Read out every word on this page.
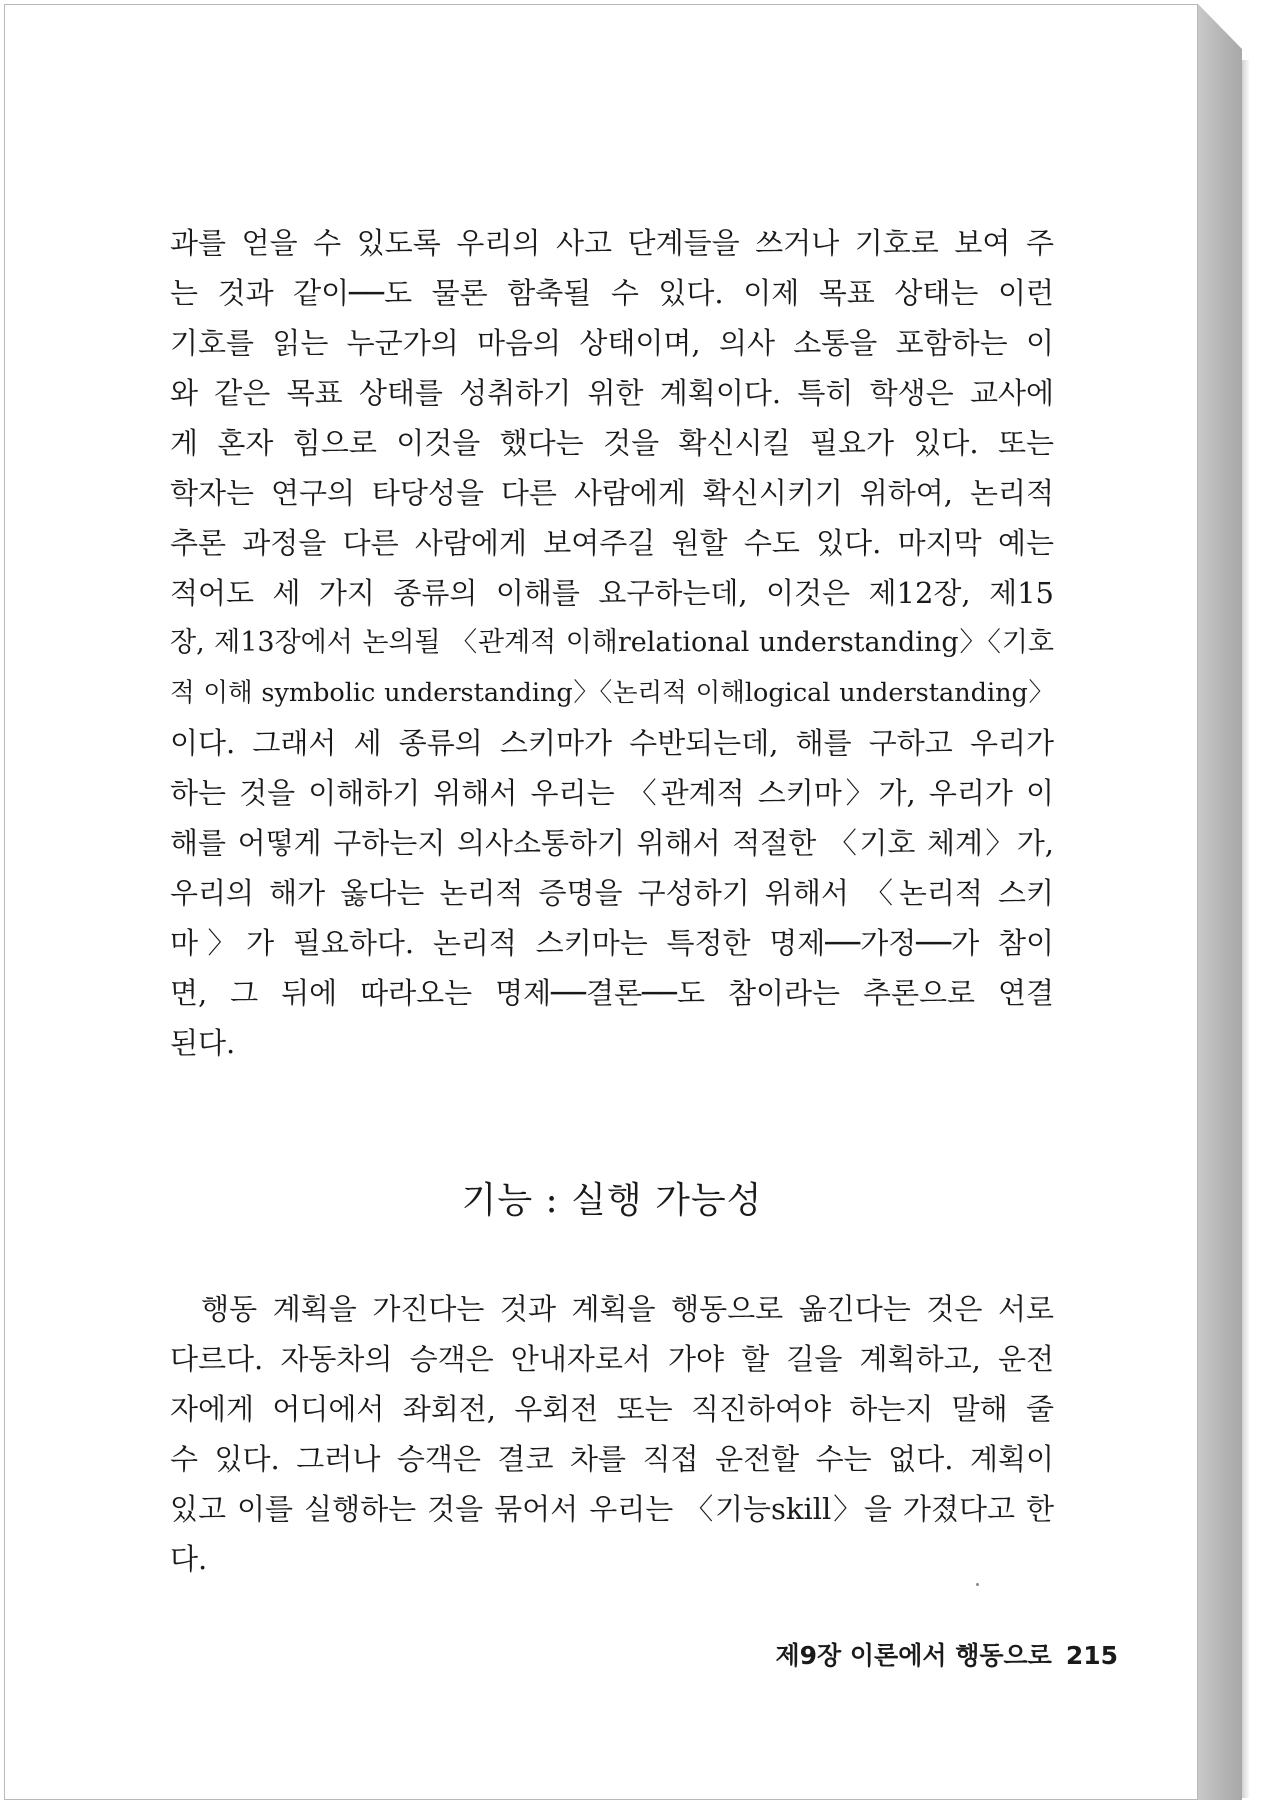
과를 얻을 수 있도록 우리의 사고 단계들을 쓰거나 기호로 보여 주
는 것과 같이──도 물론 함축될 수 있다. 이제 목표 상태는 이런
기호를 읽는 누군가의 마음의 상태이며, 의사 소통을 포함하는 이
와 같은 목표 상태를 성취하기 위한 계획이다. 특히 학생은 교사에
게 혼자 힘으로 이것을 했다는 것을 확신시킬 필요가 있다. 또는
학자는 연구의 타당성을 다른 사람에게 확신시키기 위하여, 논리적
추론 과정을 다른 사람에게 보여주길 원할 수도 있다. 마지막 예는
적어도 세 가지 종류의 이해를 요구하는데, 이것은 제12장, 제15
장, 제13장에서 논의될 〈관계적 이해relational understanding〉〈기호
적 이해 symbolic understanding〉〈논리적 이해logical understanding〉
이다. 그래서 세 종류의 스키마가 수반되는데, 해를 구하고 우리가
하는 것을 이해하기 위해서 우리는 〈관계적 스키마〉가, 우리가 이
해를 어떻게 구하는지 의사소통하기 위해서 적절한 〈기호 체계〉가,
우리의 해가 옳다는 논리적 증명을 구성하기 위해서 〈논리적 스키
마〉가 필요하다. 논리적 스키마는 특정한 명제──가정──가 참이
면, 그 뒤에 따라오는 명제──결론──도 참이라는 추론으로 연결
된다.
기능 : 실행 가능성
행동 계획을 가진다는 것과 계획을 행동으로 옮긴다는 것은 서로
다르다. 자동차의 승객은 안내자로서 가야 할 길을 계획하고, 운전
자에게 어디에서 좌회전, 우회전 또는 직진하여야 하는지 말해 줄
수 있다. 그러나 승객은 결코 차를 직접 운전할 수는 없다. 계획이
있고 이를 실행하는 것을 묶어서 우리는 〈기능skill〉을 가졌다고 한
다.
제9장 이론에서 행동으로 215
